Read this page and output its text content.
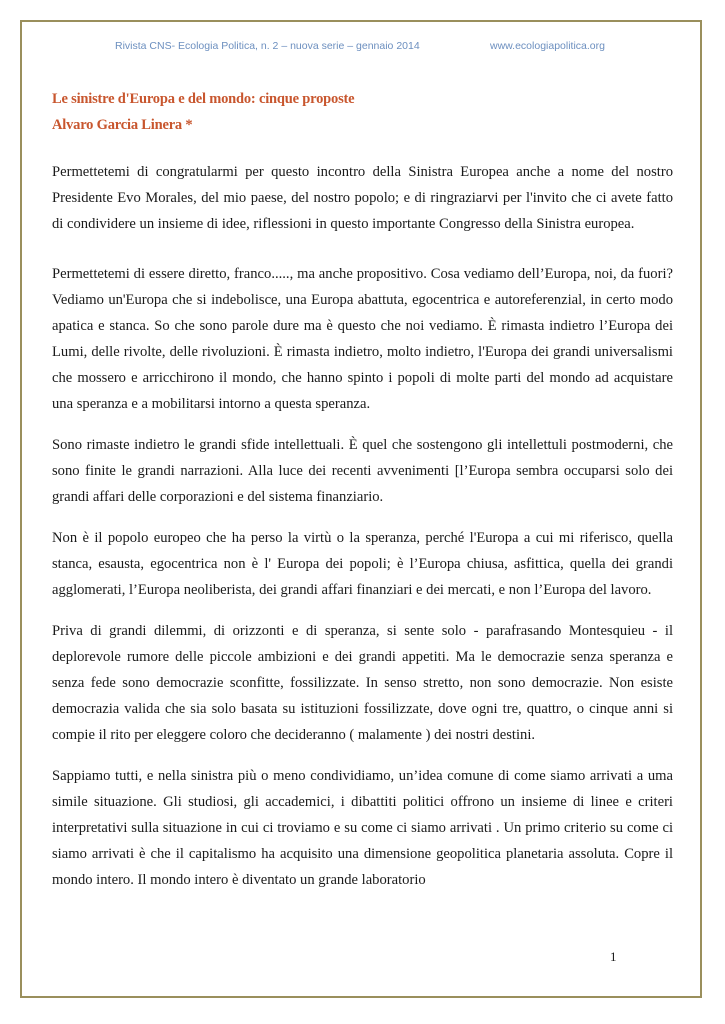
Rivista CNS- Ecologia Politica, n. 2 – nuova serie – gennaio 2014	www.ecologiapolitica.org
Le sinistre d'Europa e del mondo: cinque proposte
Alvaro Garcia Linera *

Permettetemi di congratularmi per questo incontro della Sinistra Europea anche a nome del nostro Presidente Evo Morales, del mio paese, del nostro popolo; e di ringraziarvi per l'invito che ci avete fatto di condividere un insieme di idee, riflessioni in questo importante Congresso della Sinistra europea.

Permettetemi di essere diretto, franco....., ma anche propositivo. Cosa vediamo dell’Europa, noi, da fuori? Vediamo un'Europa che si indebolisce, una Europa abattuta, egocentrica e autoreferenzial, in certo modo apatica e stanca. So che sono parole dure ma è questo che noi vediamo. È rimasta indietro l’Europa dei Lumi, delle rivolte, delle rivoluzioni. È rimasta indietro, molto indietro, l'Europa dei grandi universalismi che mossero e arricchirono il mondo, che hanno spinto i popoli di molte parti del mondo ad acquistare una speranza e a mobilitarsi intorno a questa speranza.

Sono rimaste indietro le grandi sfide intellettuali. È quel che sostengono gli intellettuli postmoderni, che sono finite le grandi narrazioni. Alla luce dei recenti avvenimenti [l’Europa sembra occuparsi solo dei grandi affari delle corporazioni e del sistema finanziario.

Non è il popolo europeo che ha perso la virtù o la speranza, perché l'Europa a cui mi riferisco, quella stanca, esausta, egocentrica non è l' Europa dei popoli; è l’Europa chiusa, asfittica, quella dei grandi agglomerati, l’Europa neoliberista, dei grandi affari finanziari e dei mercati, e non l’Europa del lavoro.

Priva di grandi dilemmi, di orizzonti e di speranza, si sente solo - parafrasando Montesquieu - il deplorevole rumore delle piccole ambizioni e dei grandi appetiti. Ma le democrazie senza speranza e senza fede sono democrazie sconfitte, fossilizzate. In senso stretto, non sono democrazie. Non esiste democrazia valida che sia solo basata su istituzioni fossilizzate, dove ogni tre, quattro, o cinque anni si compie il rito per eleggere coloro che decideranno ( malamente ) dei nostri destini.

Sappiamo tutti, e nella sinistra più o meno condividiamo, un’idea comune di come siamo arrivati a uma simile situazione. Gli studiosi, gli accademici, i dibattiti politici offrono un insieme di linee e criteri interpretativi sulla situazione in cui ci troviamo e su come ci siamo arrivati . Un primo criterio su come ci siamo arrivati è che il capitalismo ha acquisito una dimensione geopolitica planetaria assoluta. Copre il mondo intero. Il mondo intero è diventato un grande laboratorio

1
